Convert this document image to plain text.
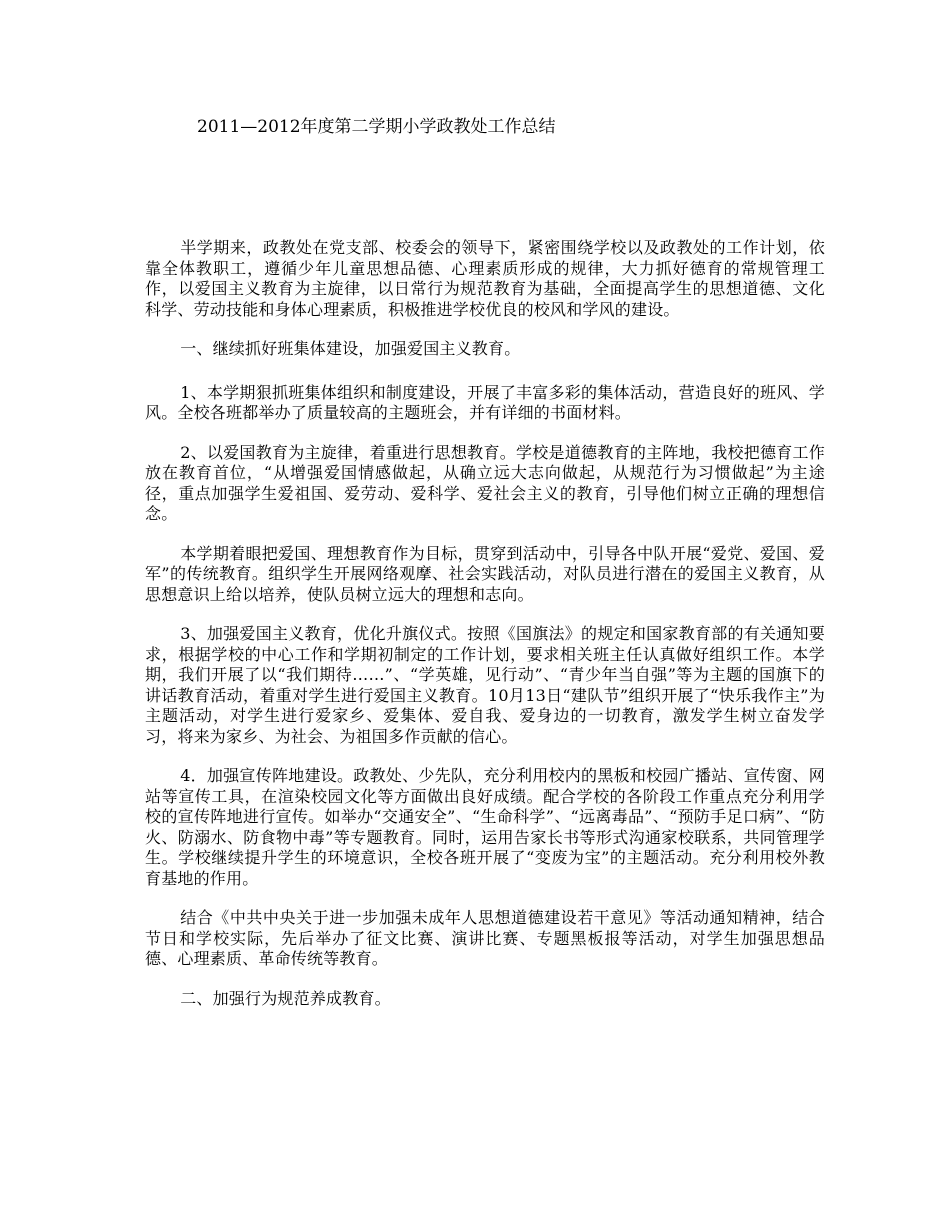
2011—2012年度第二学期小学政教处工作总结

半学期来，政教处在党支部、校委会的领导下，紧密围绕学校以及政教处的工作计划，依靠全体教职工，遵循少年儿童思想品德、心理素质形成的规律，大力抓好德育的常规管理工作，以爱国主义教育为主旋律，以日常行为规范教育为基础，全面提高学生的思想道德、文化科学、劳动技能和身体心理素质，积极推进学校优良的校风和学风的建设。

一、继续抓好班集体建设，加强爱国主义教育。

1、本学期狠抓班集体组织和制度建设，开展了丰富多彩的集体活动，营造良好的班风、学风。全校各班都举办了质量较高的主题班会，并有详细的书面材料。

2、以爱国教育为主旋律，着重进行思想教育。学校是道德教育的主阵地，我校把德育工作放在教育首位，“从增强爱国情感做起，从确立远大志向做起，从规范行为习惯做起”为主途径，重点加强学生爱祖国、爱劳动、爱科学、爱社会主义的教育，引导他们树立正确的理想信念。

本学期着眼把爱国、理想教育作为目标，贯穿到活动中，引导各中队开展“爱党、爱国、爱军”的传统教育。组织学生开展网络观摩、社会实践活动，对队员进行潜在的爱国主义教育，从思想意识上给以培养，使队员树立远大的理想和志向。

3、加强爱国主义教育，优化升旗仪式。按照《国旗法》的规定和国家教育部的有关通知要求，根据学校的中心工作和学期初制定的工作计划，要求相关班主任认真做好组织工作。本学期，我们开展了以“我们期待……”、“学英雄，见行动”、“青少年当自强”等为主题的国旗下的讲话教育活动，着重对学生进行爱国主义教育。10月13日“建队节”组织开展了“快乐我作主”为主题活动，对学生进行爱家乡、爱集体、爱自我、爱身边的一切教育，激发学生树立奋发学习，将来为家乡、为社会、为祖国多作贡献的信心。

4．加强宣传阵地建设。政教处、少先队，充分利用校内的黑板和校园广播站、宣传窗、网站等宣传工具，在渲染校园文化等方面做出良好成绩。配合学校的各阶段工作重点充分利用学校的宣传阵地进行宣传。如举办“交通安全”、“生命科学”、“远离毒品”、“预防手足口病”、“防火、防溺水、防食物中毒”等专题教育。同时，运用告家长书等形式沟通家校联系，共同管理学生。学校继续提升学生的环境意识，全校各班开展了“变废为宝”的主题活动。充分利用校外教育基地的作用。

结合《中共中央关于进一步加强未成年人思想道德建设若干意见》等活动通知精神，结合节日和学校实际，先后举办了征文比赛、演讲比赛、专题黑板报等活动，对学生加强思想品德、心理素质、革命传统等教育。

二、加强行为规范养成教育。
